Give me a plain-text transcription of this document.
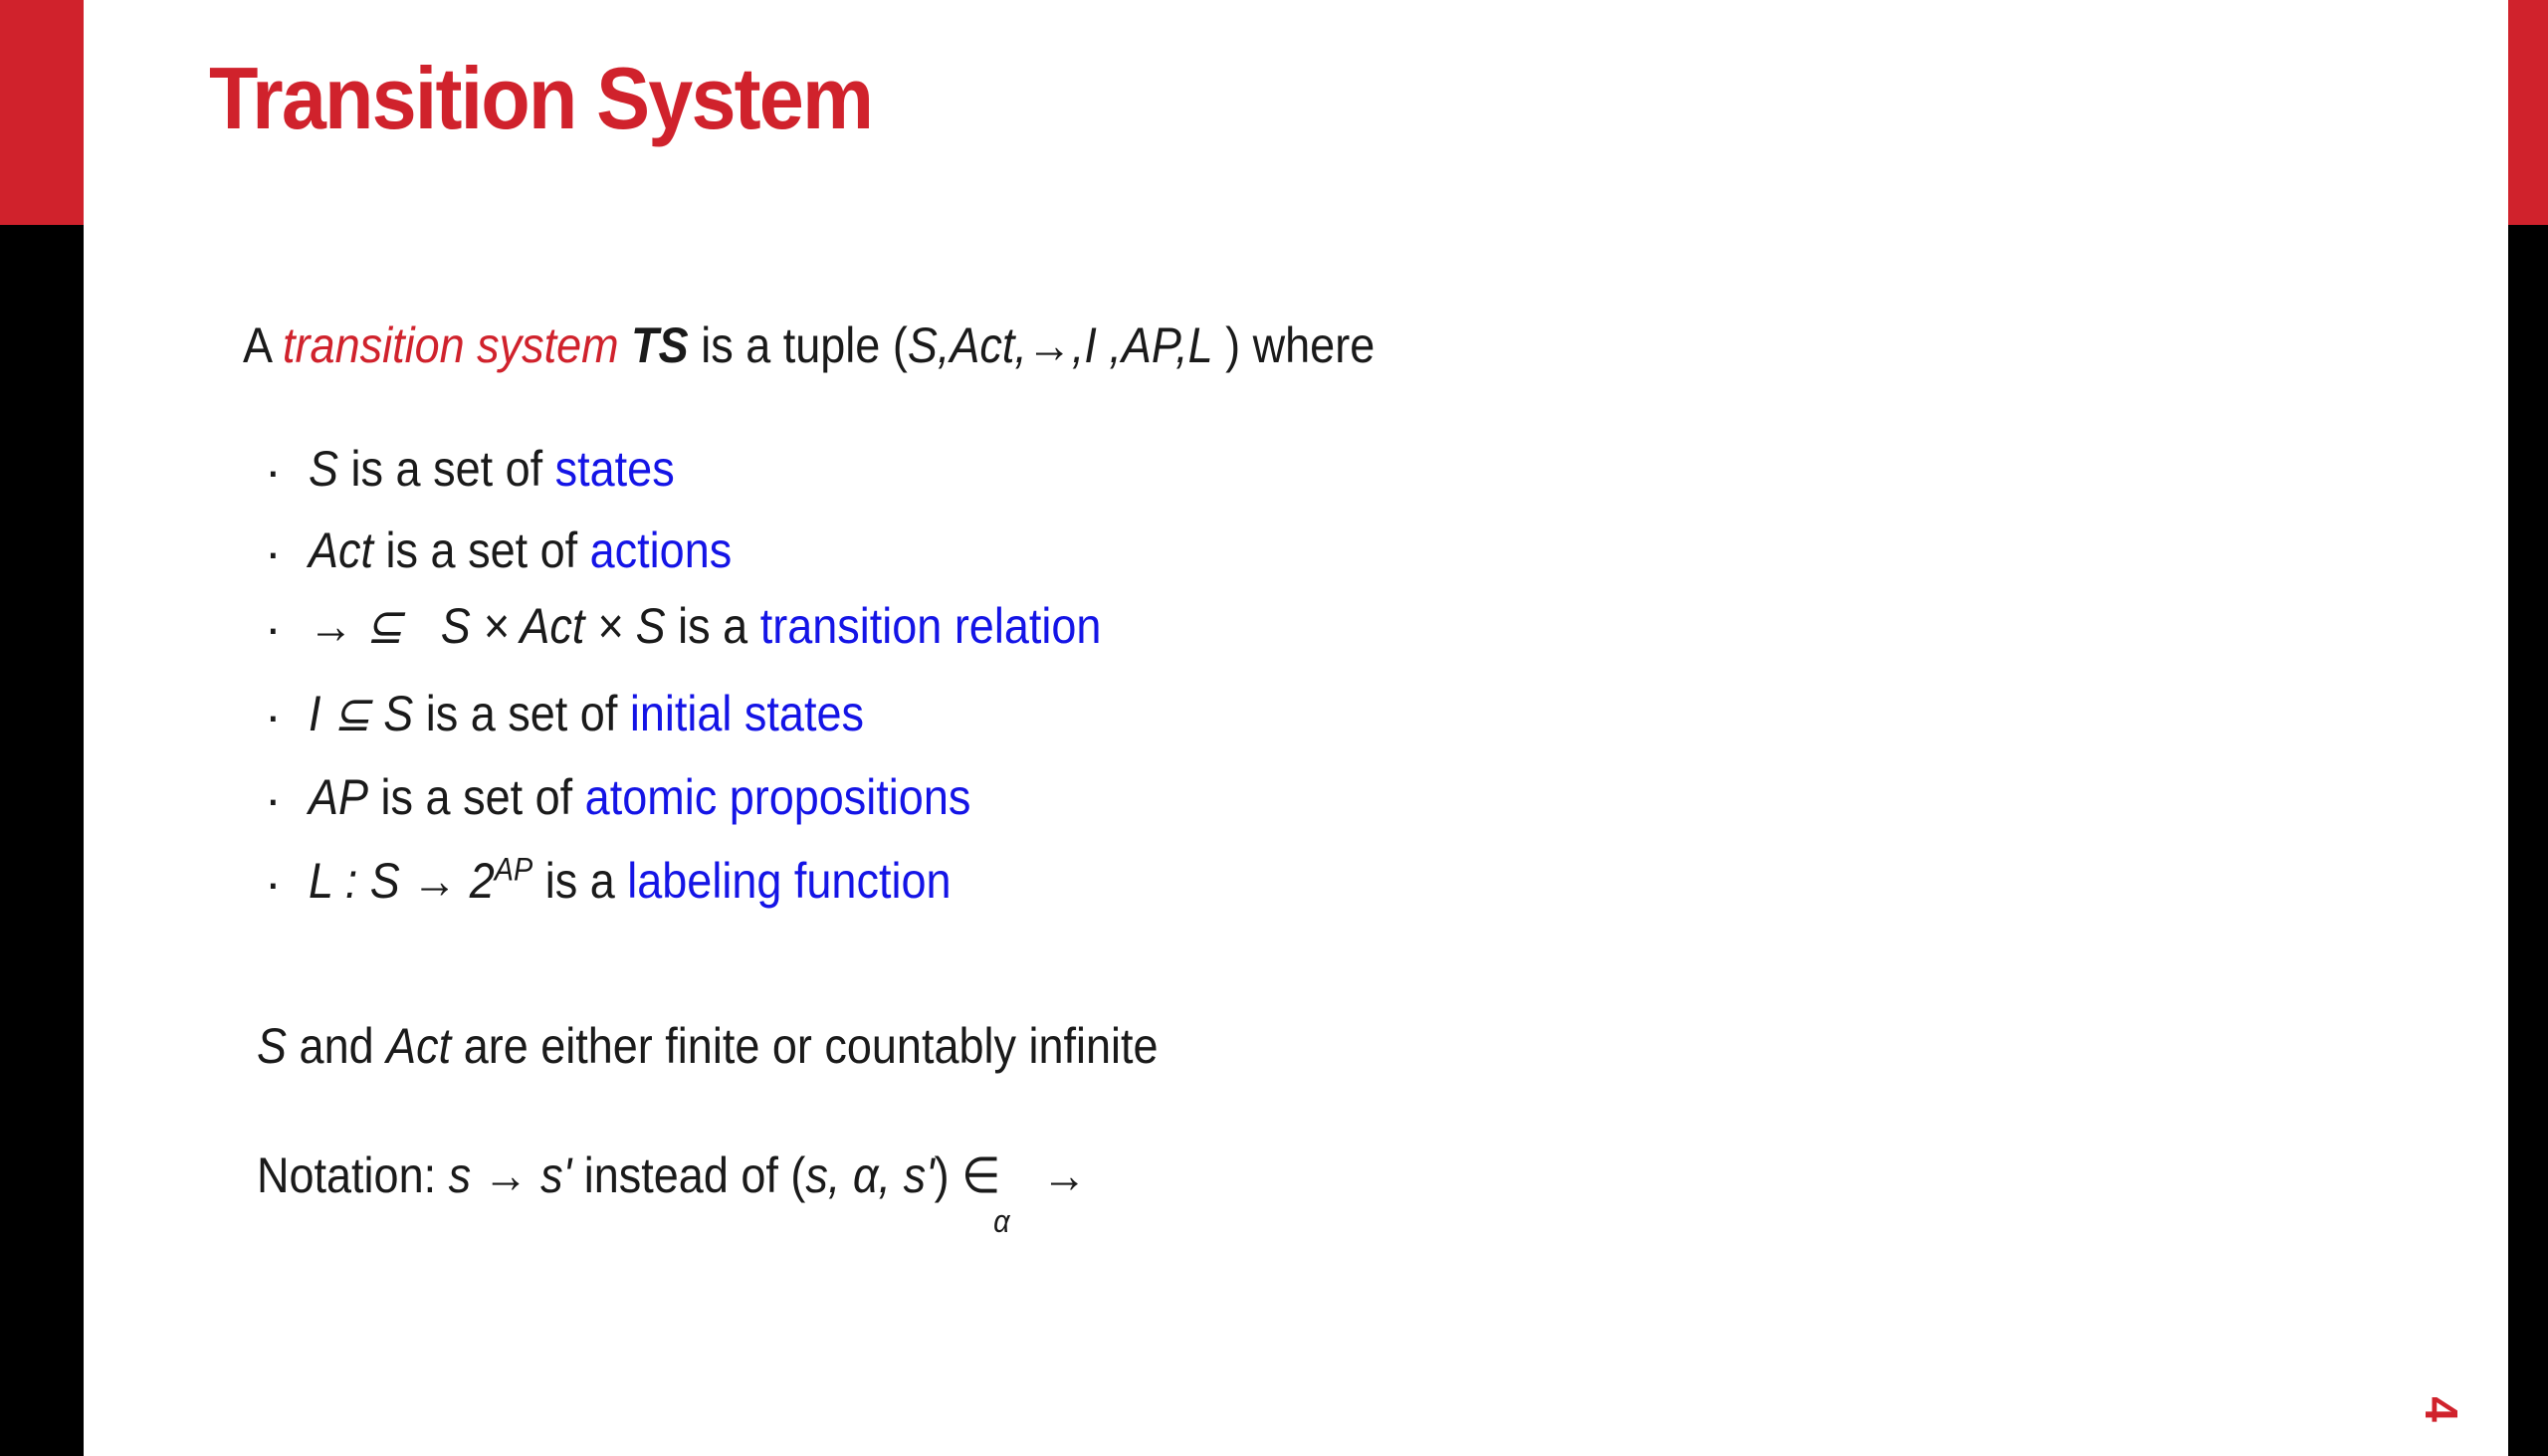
Transition System
A transition system TS is a tuple (S,Act,→,I ,AP,L ) where
· S is a set of states
· Act is a set of actions
· → ⊆   S × Act × S is a transition relation
· I ⊆ S is a set of initial states
· AP is a set of atomic propositions
· L : $S \to 2^{AP}$ is a labeling function
S and Act are either finite or countably infinite
Notation: s → s' instead of (s, α, s') ∈ $_\alpha$ →
4
